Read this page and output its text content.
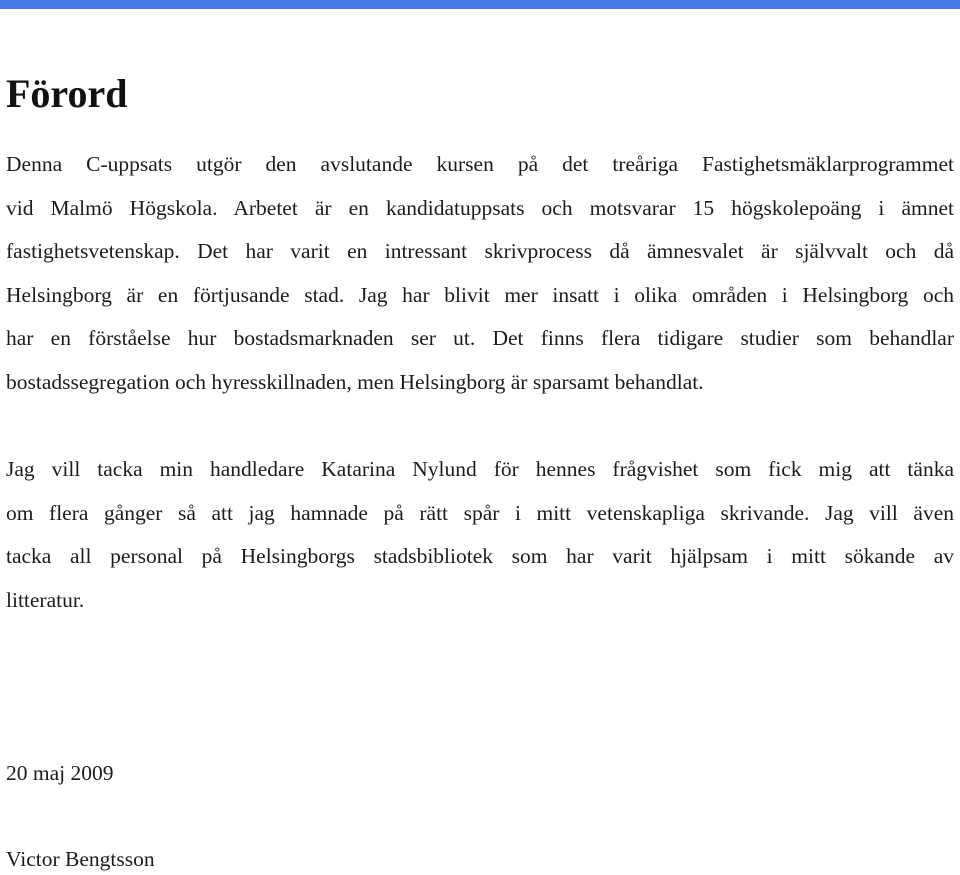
Förord

Denna C-uppsats utgör den avslutande kursen på det treåriga Fastighetsmäklarprogrammet

vid Malmö Högskola. Arbetet är en kandidatuppsats och motsvarar 15 högskolepoäng i ämnet

fastighetsvetenskap. Det har varit en intressant skrivprocess då ämnesvalet är självvalt och då

Helsingborg är en förtjusande stad. Jag har blivit mer insatt i olika områden i Helsingborg och

har en förståelse hur bostadsmarknaden ser ut. Det finns flera tidigare studier som behandlar

bostadssegregation och hyresskillnaden, men Helsingborg är sparsamt behandlat.

Jag vill tacka min handledare Katarina Nylund för hennes frågvishet som fick mig att tänka

om flera gånger så att jag hamnade på rätt spår i mitt vetenskapliga skrivande. Jag vill även

tacka all personal på Helsingborgs stadsbibliotek som har varit hjälpsam i mitt sökande av

litteratur.

20 maj 2009

Victor Bengtsson
